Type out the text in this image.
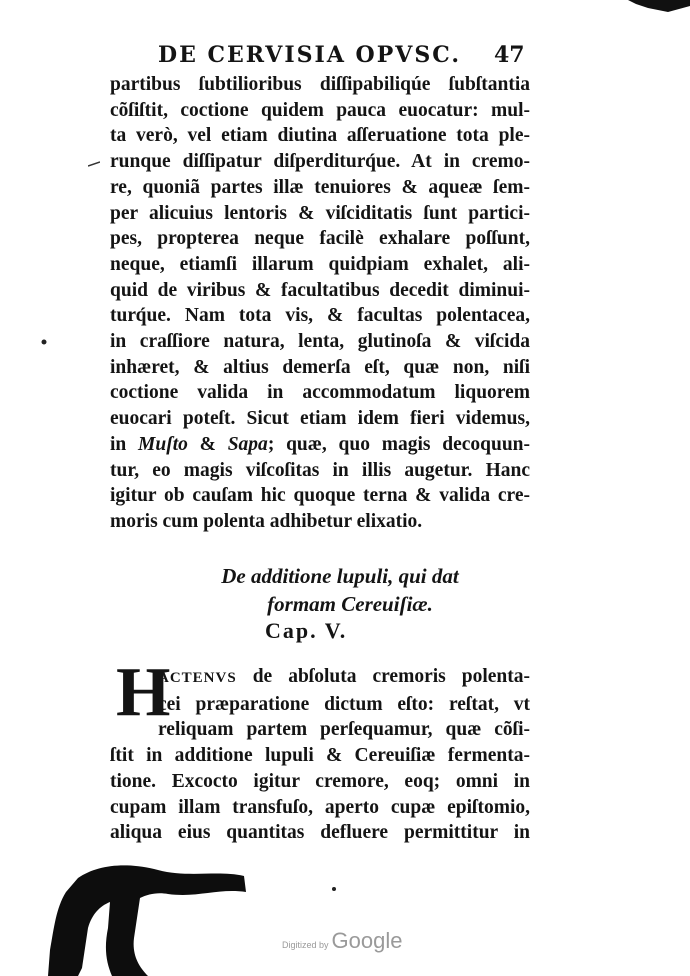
DE CERVISIA OPVSC.	47
partibus ſubtilioribus diſſipabiliqúe ſubſtantia
cõſiſtit, coctione quidem pauca euocatur: mul-
ta verò, vel etiam diutina aſſeruatione tota ple-
runque diſſipatur diſperditurq́ue. At in cremo-
re, quoniã partes illæ tenuiores & aqueæ ſem-
per alicuius lentoris & viſciditatis ſunt partici-
pes, propterea neque facilè exhalare poſſunt,
neque, etiamſi illarum quidpiam exhalet, ali-
quid de viribus & facultatibus decedit diminui-
turq́ue. Nam tota vis, & facultas polentacea,
in craſſiore natura, lenta, glutinoſa & viſcida
inhæret, & altius demerſa eſt, quæ non, niſi
coctione valida in accommodatum liquorem
euocari poteſt. Sicut etiam idem fieri videmus,
in Muſto & Sapa; quæ, quo magis decoquun-
tur, eo magis viſcoſitas in illis augetur. Hanc
igitur ob cauſam hic quoque terna & valida cre-
moris cum polenta adhibetur elixatio.
De additione lupuli, qui dat
formam Cereuiſiæ.
Cap. V.
H
ACTENVS de abſoluta cremoris polenta-
cei præparatione dictum eſto: reſtat, vt
reliquam partem perſequamur, quæ cõſi-
ſtit in additione lupuli & Cereuiſiæ fermenta-
tione. Excocto igitur cremore, eoq; omni in
cupam illam transfuſo, aperto cupæ epiſtomio,
aliqua eius quantitas defluere permittitur in
Digitized by Google
